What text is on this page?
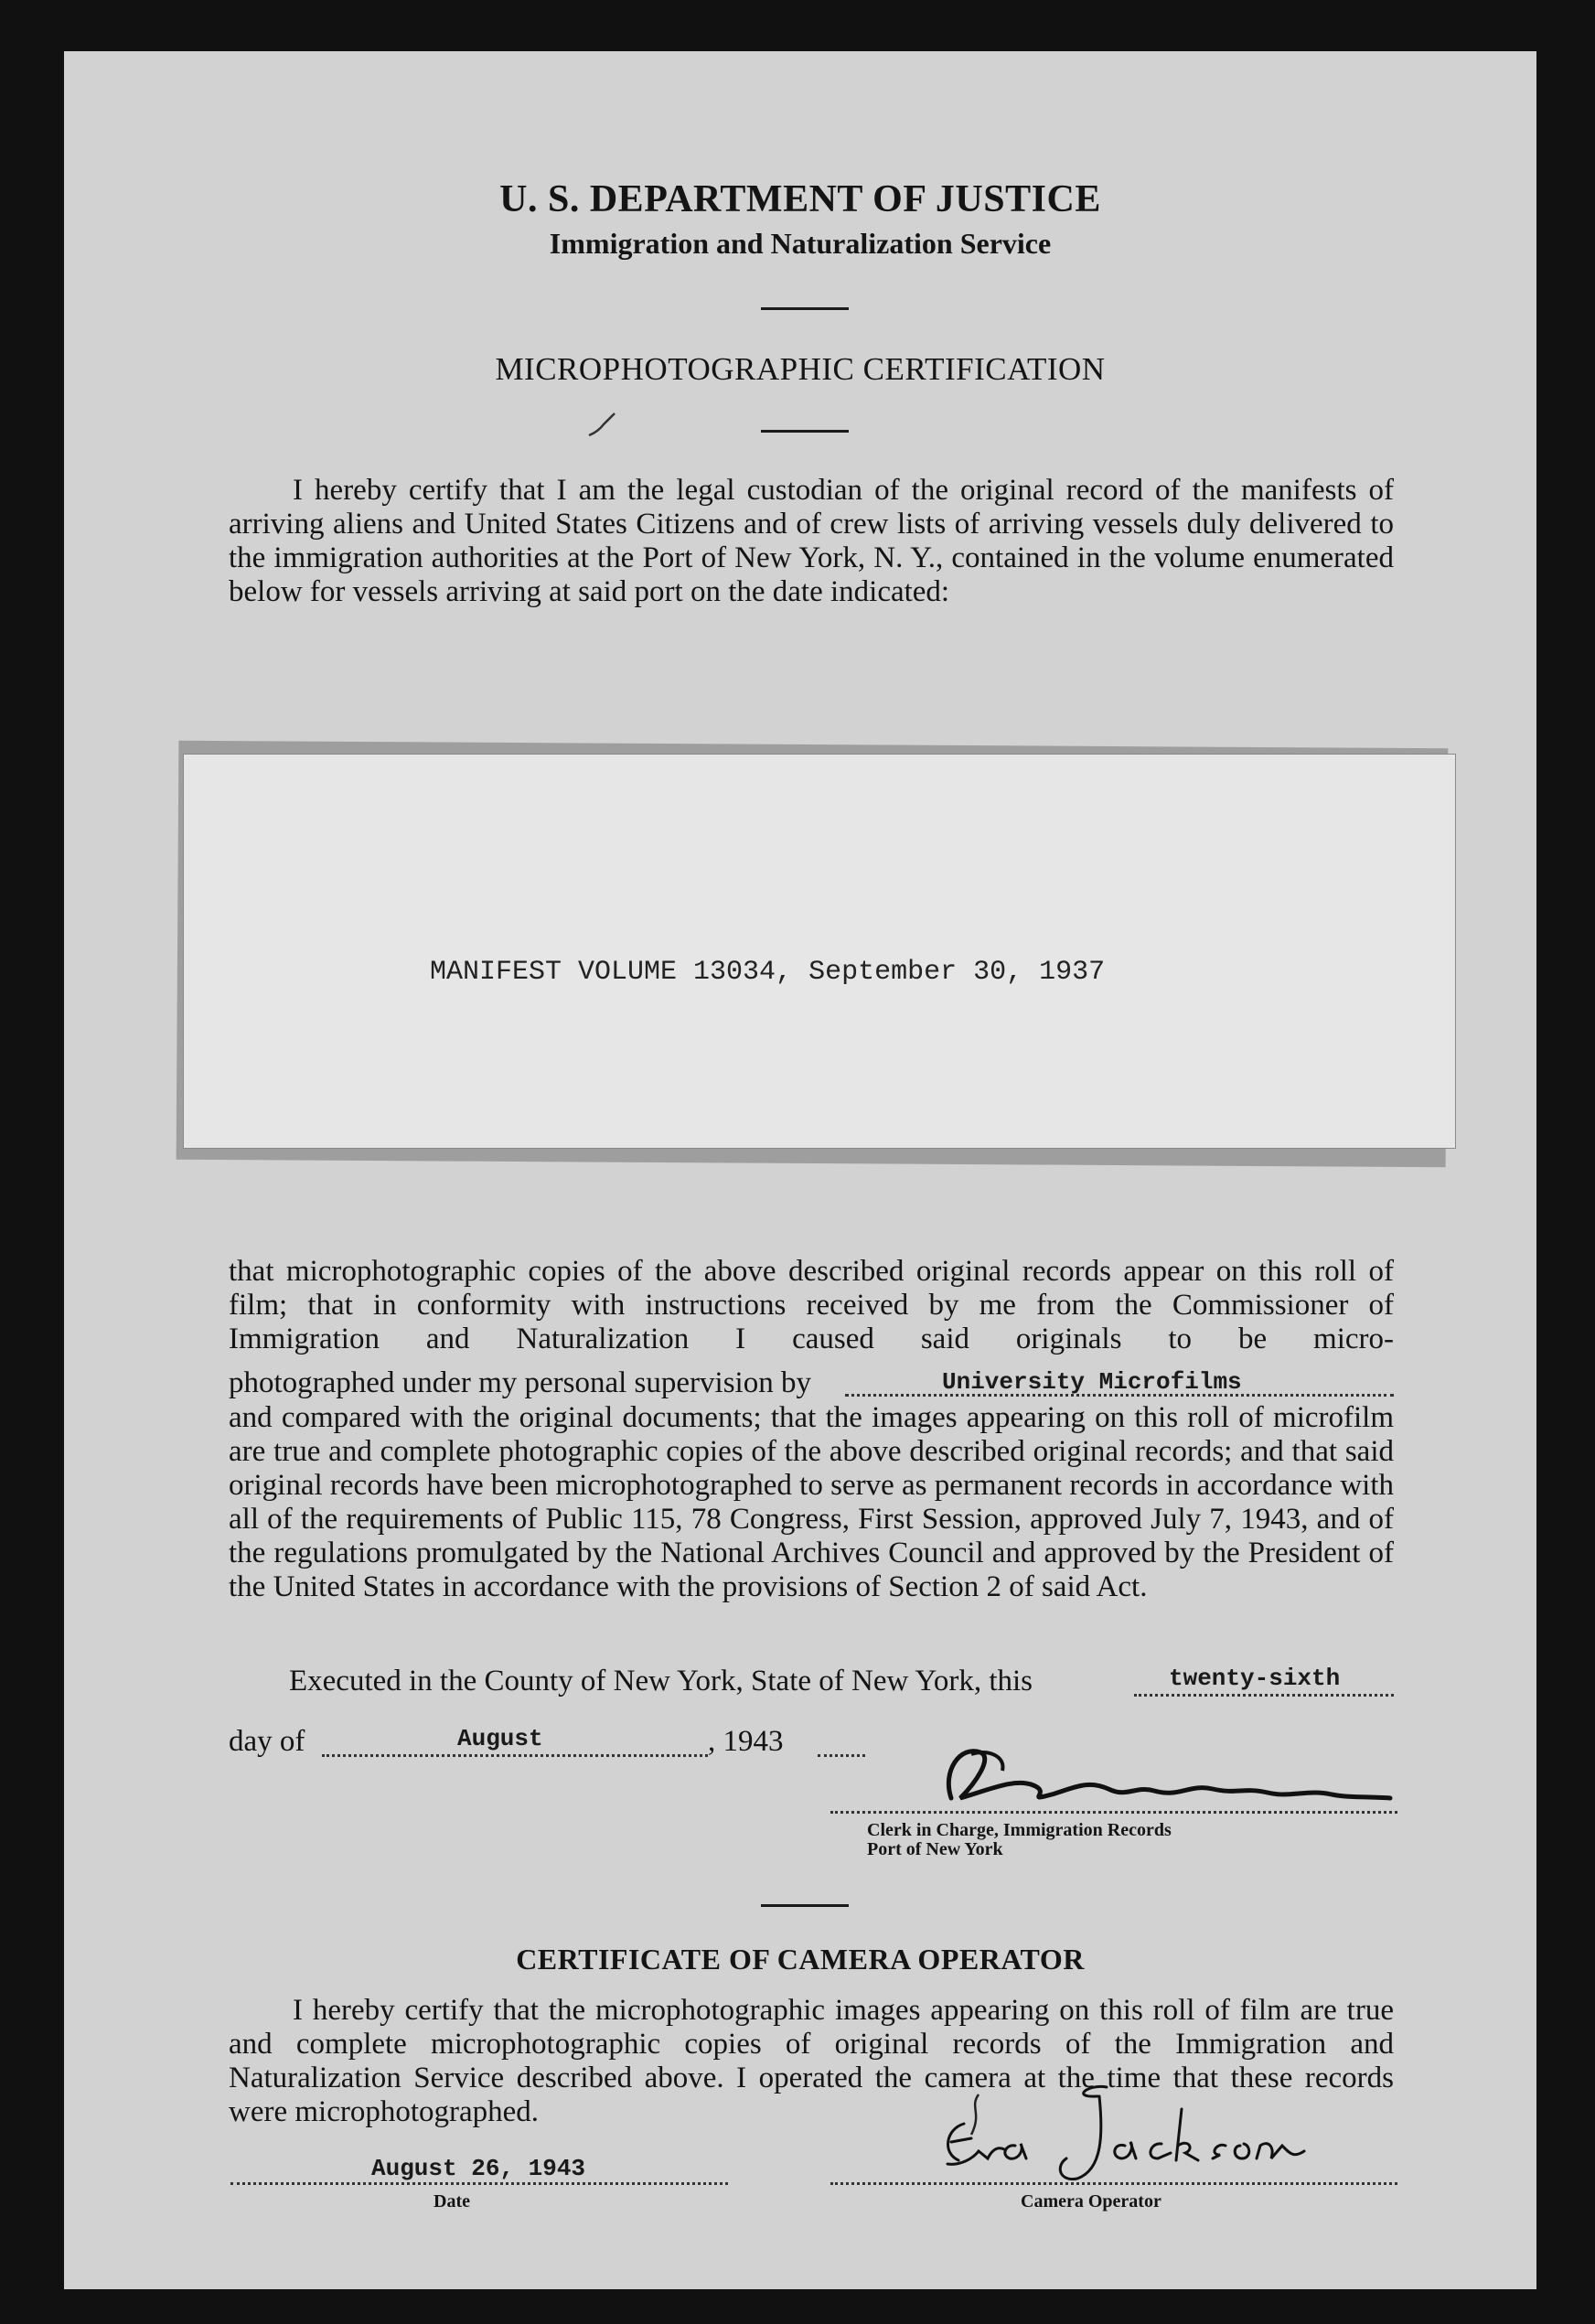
U. S. DEPARTMENT OF JUSTICE
Immigration and Naturalization Service
MICROPHOTOGRAPHIC CERTIFICATION
I hereby certify that I am the legal custodian of the original record of the manifests of arriving aliens and United States Citizens and of crew lists of arriving vessels duly delivered to the immigration authorities at the Port of New York, N. Y., contained in the volume enumerated below for vessels arriving at said port on the date indicated:
MANIFEST VOLUME 13034, September 30, 1937
that microphotographic copies of the above described original records appear on this roll of film; that in conformity with instructions received by me from the Commissioner of Immigration and Naturalization I caused said originals to be micro-
photographed under my personal supervision by	University Microfilms
and compared with the original documents; that the images appearing on this roll of microfilm are true and complete photographic copies of the above described original records; and that said original records have been microphotographed to serve as permanent records in accordance with all of the requirements of Public 115, 78 Congress, First Session, approved July 7, 1943, and of the regulations promulgated by the National Archives Council and approved by the President of the United States in accordance with the provisions of Section 2 of said Act.
Executed in the County of New York, State of New York, this	twenty-sixth
day of	August	, 1943
Clerk in Charge, Immigration Records
Port of New York
CERTIFICATE OF CAMERA OPERATOR
I hereby certify that the microphotographic images appearing on this roll of film are true and complete microphotographic copies of original records of the Immigration and Naturalization Service described above. I operated the camera at the time that these records were microphotographed.
August 26, 1943
Date	Camera Operator
